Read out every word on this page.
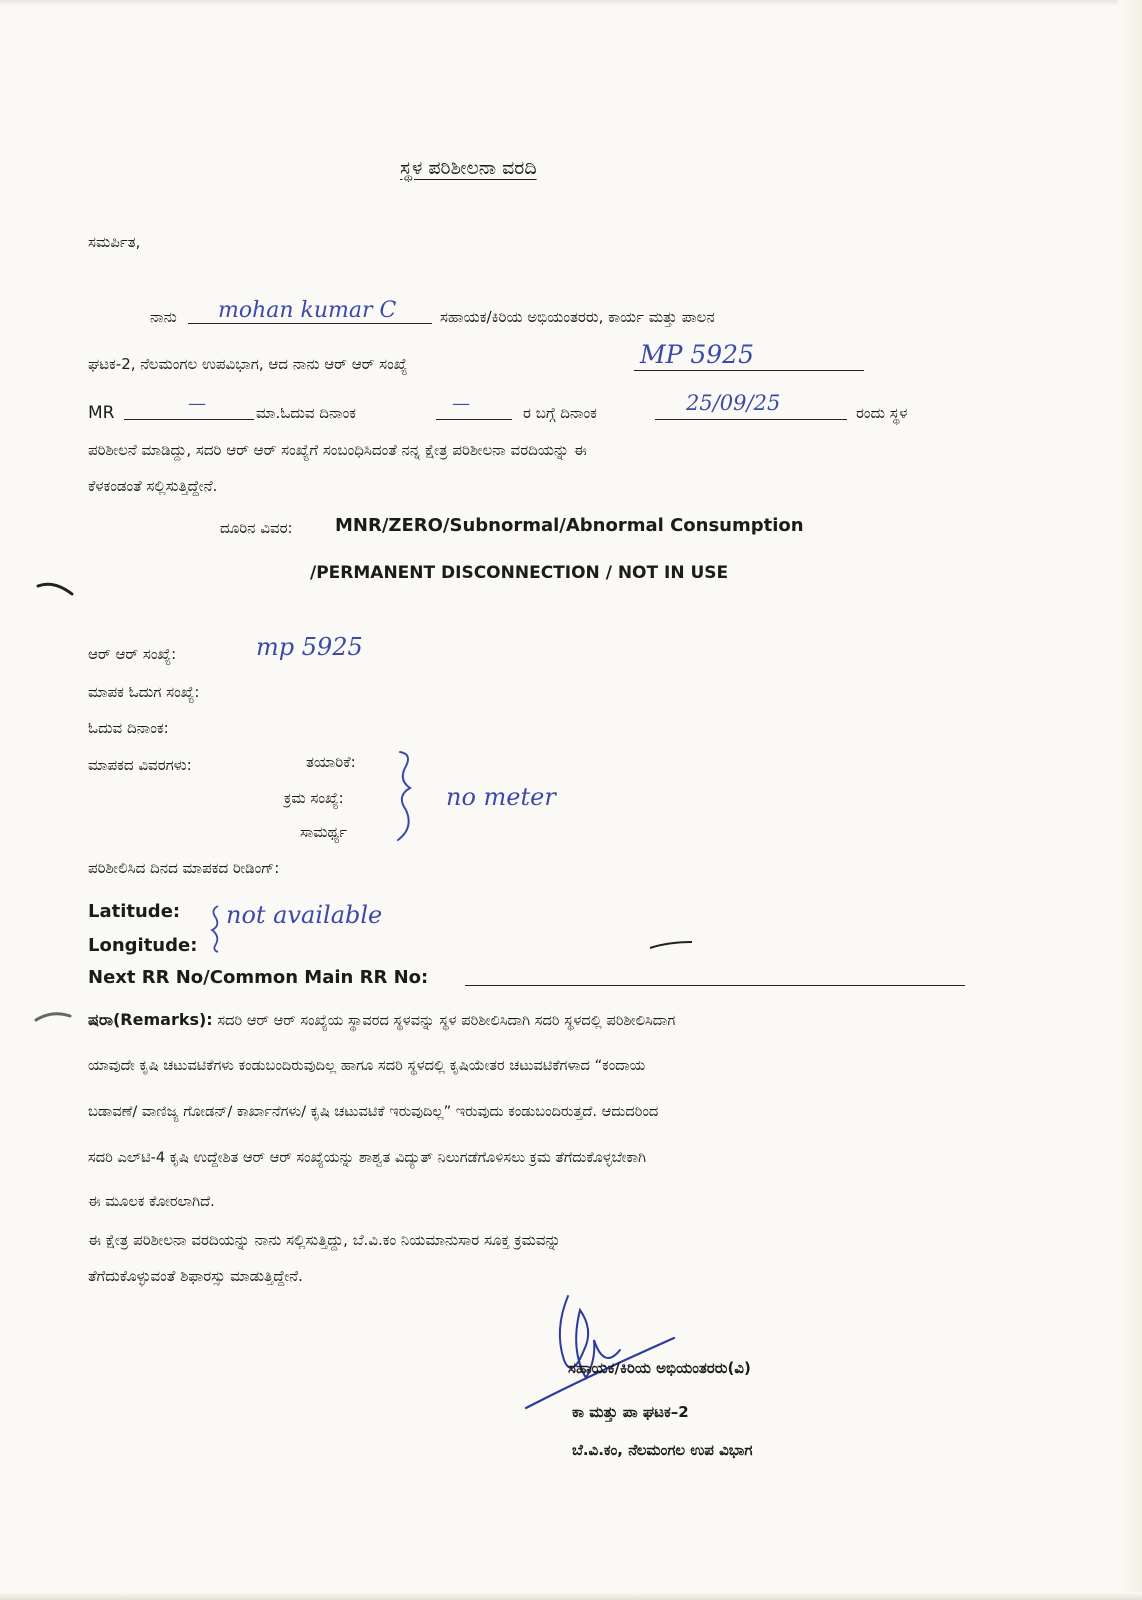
ಸ್ಥಳ ಪರಿಶೀಲನಾ ವರದಿ
ಸಮರ್ಪಿತ,
ನಾನು mohan kumar C	ಸಹಾಯಕ/ಕಿರಿಯ ಅಭಿಯಂತರರು, ಕಾರ್ಯ ಮತ್ತು ಪಾಲನ
ಘಟಕ-2, ನೆಲಮಂಗಲ ಉಪವಿಭಾಗ, ಆದ ನಾನು ಆರ್ ಆರ್ ಸಂಖ್ಯೆ	MP 5925
MR	—	ಮಾ.ಓದುವ ದಿನಾಂಕ	—	ರ ಬಗ್ಗೆ ದಿನಾಂಕ	25/09/25	ರಂದು ಸ್ಥಳ
ಪರಿಶೀಲನೆ ಮಾಡಿದ್ದು, ಸದರಿ ಆರ್ ಆರ್ ಸಂಖ್ಯೆಗೆ ಸಂಬಂಧಿಸಿದಂತೆ ನನ್ನ ಕ್ಷೇತ್ರ ಪರಿಶೀಲನಾ ವರದಿಯನ್ನು ಈ
ಕೆಳಕಂಡಂತೆ ಸಲ್ಲಿಸುತ್ತಿದ್ದೇನೆ.
ದೂರಿನ ವಿವರ: MNR/ZERO/Subnormal/Abnormal Consumption
/PERMANENT DISCONNECTION / NOT IN USE
ಆರ್ ಆರ್ ಸಂಖ್ಯೆ:	mp 5925
ಮಾಪಕ ಓದುಗ ಸಂಖ್ಯೆ:
ಓದುವ ದಿನಾಂಕ:
ಮಾಪಕದ ವಿವರಗಳು:	ತಯಾರಿಕೆ:
ಕ್ರಮ ಸಂಖ್ಯೆ:
ಸಾಮರ್ಥ್ಯ
no meter
ಪರಿಶೀಲಿಸಿದ ದಿನದ ಮಾಪಕದ ರೀಡಿಂಗ್:
Latitude:
Longitude:
not available
Next RR No/Common Main RR No:
ಷರಾ(Remarks): ಸದರಿ ಆರ್ ಆರ್ ಸಂಖ್ಯೆಯ ಸ್ಥಾವರದ ಸ್ಥಳವನ್ನು ಸ್ಥಳ ಪರಿಶೀಲಿಸಿದಾಗಿ ಸದರಿ ಸ್ಥಳದಲ್ಲಿ ಪರಿಶೀಲಿಸಿದಾಗ
ಯಾವುದೇ ಕೃಷಿ ಚಟುವಟಿಕೆಗಳು ಕಂಡುಬಂದಿರುವುದಿಲ್ಲ ಹಾಗೂ ಸದರಿ ಸ್ಥಳದಲ್ಲಿ ಕೃಷಿಯೇತರ ಚಟುವಟಿಕೆಗಳಾದ “ಕಂದಾಯ
ಬಡಾವಣೆ/ ವಾಣಿಜ್ಯ ಗೋಡನ್/ ಕಾರ್ಖಾನೆಗಳು/ ಕೃಷಿ ಚಟುವಟಿಕೆ ಇರುವುದಿಲ್ಲ” ಇರುವುದು ಕಂಡುಬಂದಿರುತ್ತದೆ. ಆದುದರಿಂದ
ಸದರಿ ಎಲ್‌ಟಿ-4 ಕೃಷಿ ಉದ್ದೇಶಿತ ಆರ್ ಆರ್ ಸಂಖ್ಯೆಯನ್ನು ಶಾಶ್ವತ ವಿದ್ಯುತ್ ನಿಲುಗಡೆಗೊಳಿಸಲು ಕ್ರಮ ತೆಗೆದುಕೊಳ್ಳಬೇಕಾಗಿ
ಈ ಮೂಲಕ ಕೋರಲಾಗಿದೆ.
ಈ ಕ್ಷೇತ್ರ ಪರಿಶೀಲನಾ ವರದಿಯನ್ನು ನಾನು ಸಲ್ಲಿಸುತ್ತಿದ್ದು, ಬೆ.ವಿ.ಕಂ ನಿಯಮಾನುಸಾರ ಸೂಕ್ತ ಕ್ರಮವನ್ನು
ತೆಗೆದುಕೊಳ್ಳುವಂತೆ ಶಿಫಾರಸ್ಸು ಮಾಡುತ್ತಿದ್ದೇನೆ.
ಸಹಾಯಕ/ಕಿರಿಯ ಅಭಿಯಂತರರು(ವಿ)
ಕಾ ಮತ್ತು ಪಾ ಘಟಕ–2
ಬೆ.ವಿ.ಕಂ, ನೆಲಮಂಗಲ ಉಪ ವಿಭಾಗ
